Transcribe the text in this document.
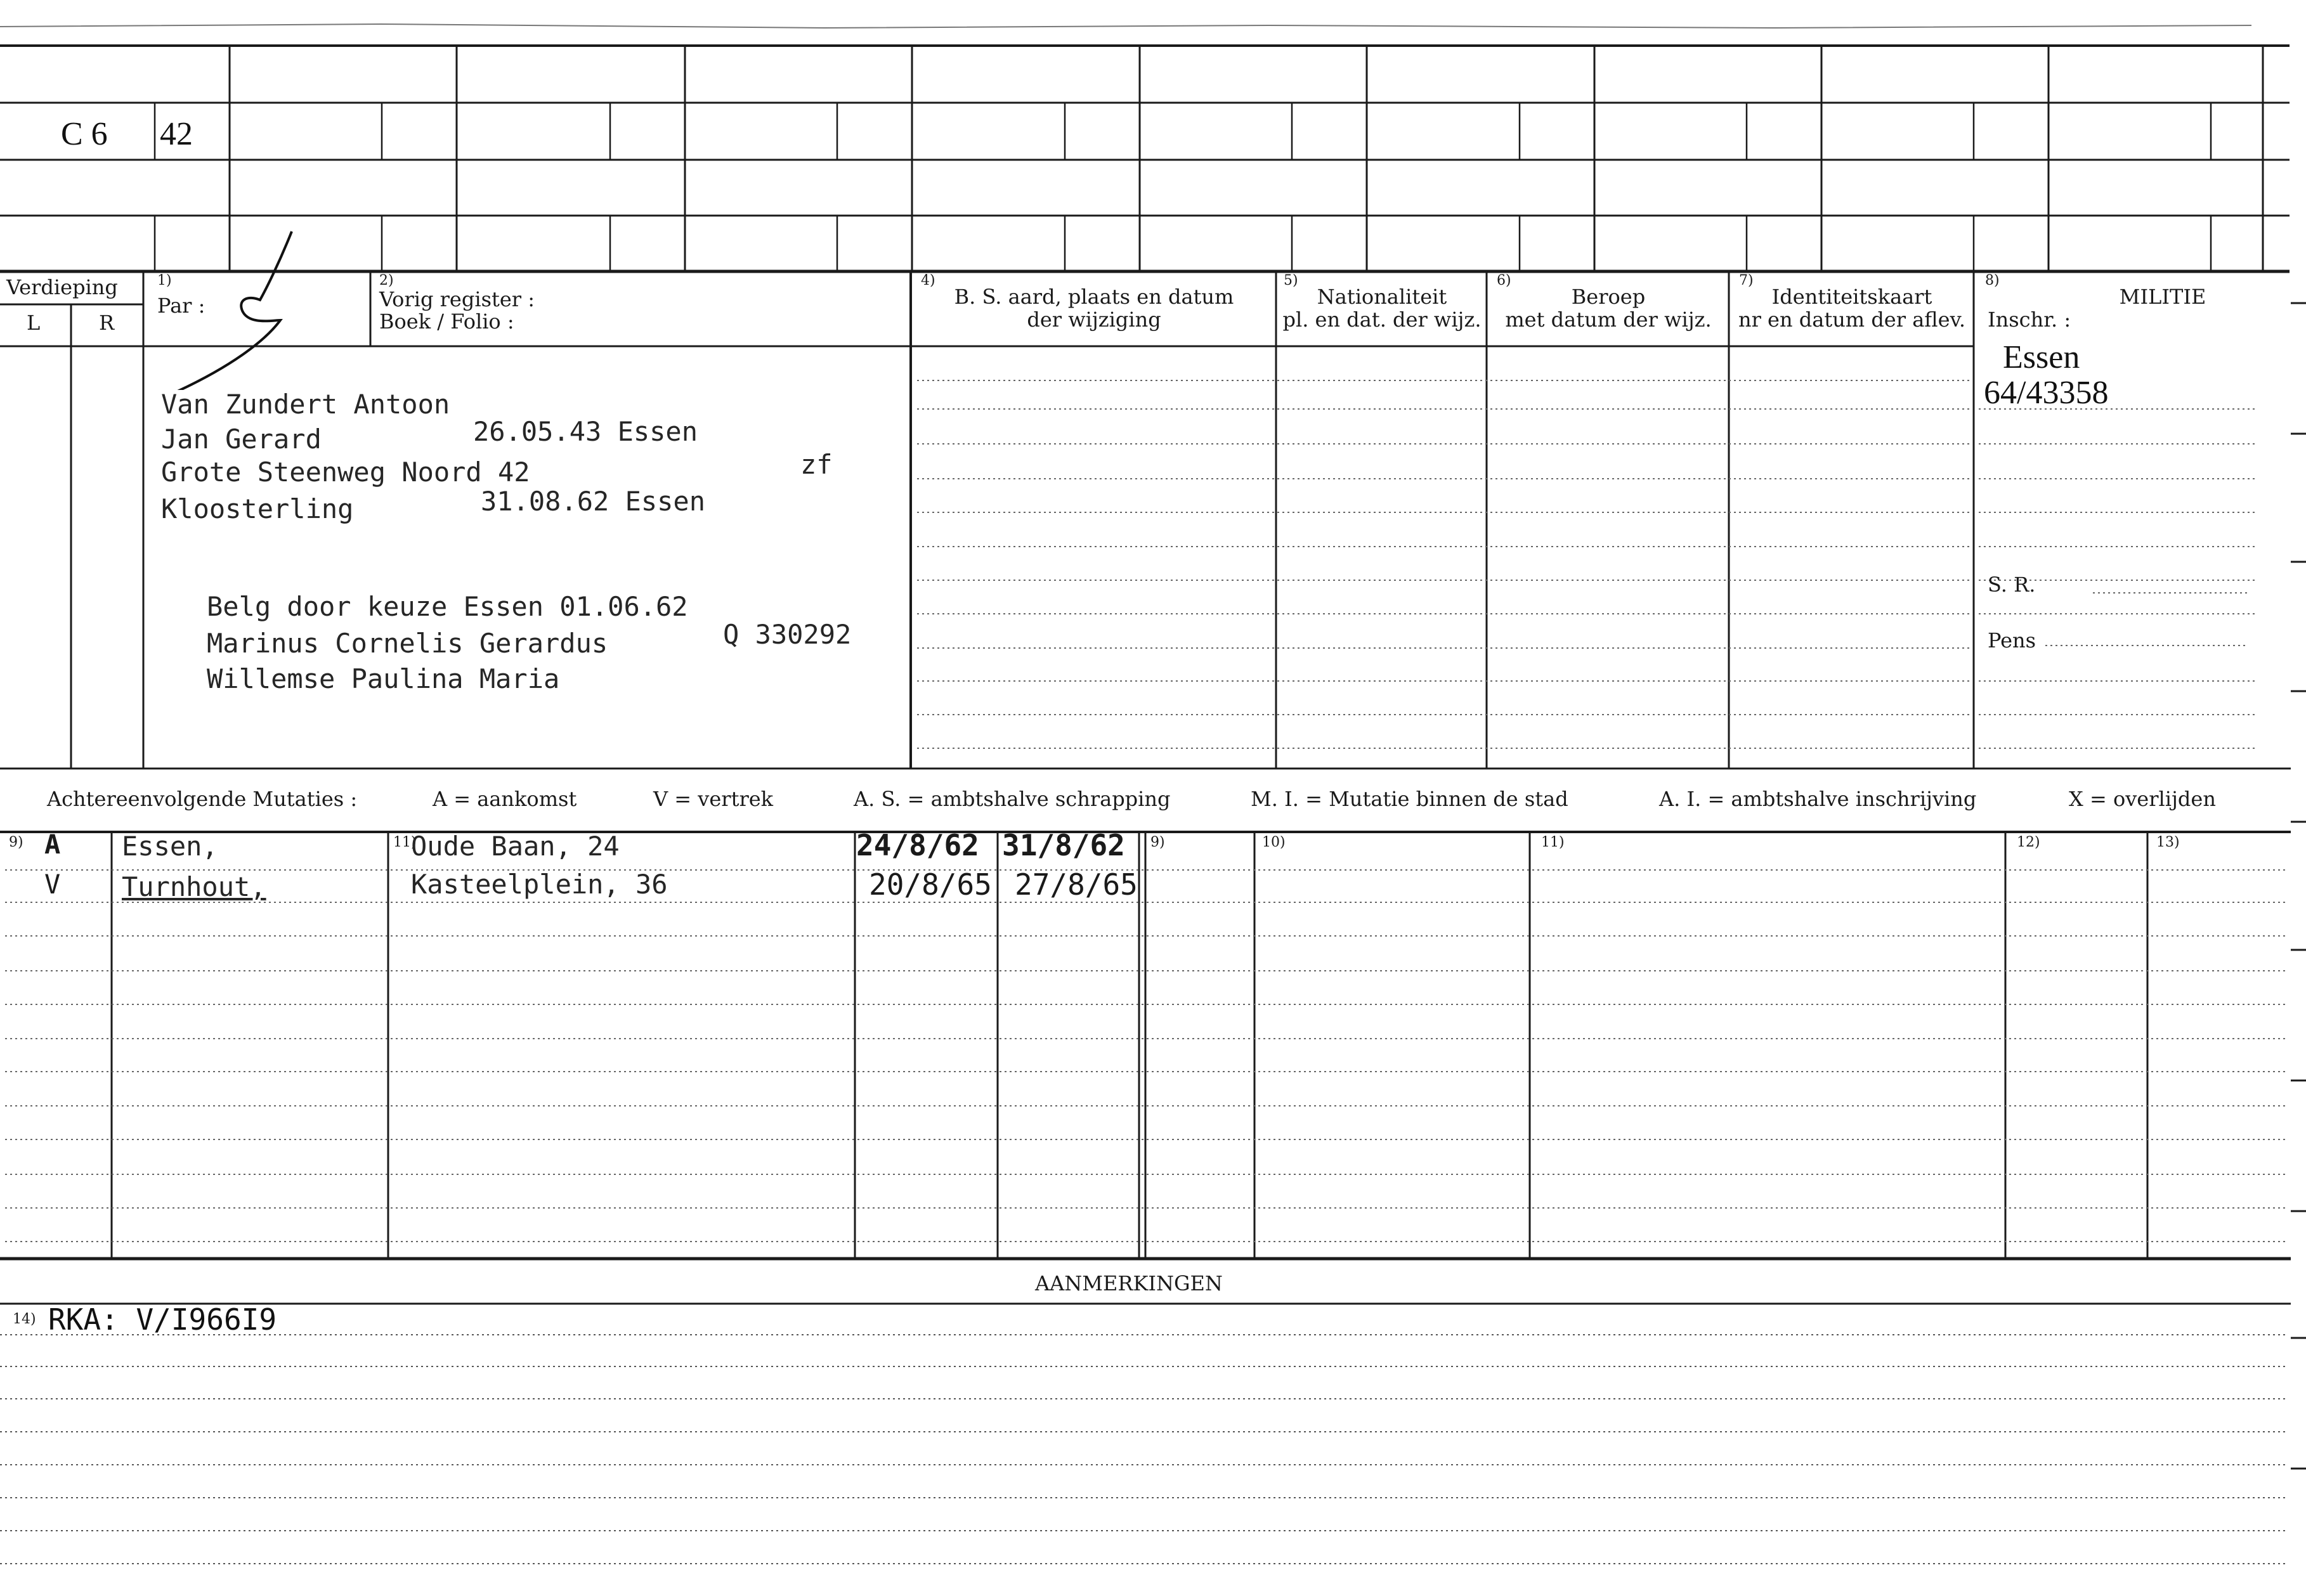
C 6 42
Verdieping
L	R
1)
Par :
2)
Vorig register :
Boek / Folio :
4)
B. S. aard, plaats en datum
der wijziging
5)
Nationaliteit
pl. en dat. der wijz.
6)
Beroep
met datum der wijz.
7)
Identiteitskaart
nr en datum der aflev.
8)
MILITIE
Inschr. :
Van Zundert Antoon
Jan Gerard	26.05.43 Essen
Grote Steenweg Noord 42	zf
Kloosterling	31.08.62 Essen
Belg door keuze Essen 01.06.62
Marinus Cornelis Gerardus	Q 330292
Willemse Paulina Maria
Essen
64/43358
S. R.
Pens
Achtereenvolgende Mutaties :	A = aankomst	V = vertrek	A. S. = ambtshalve schrapping	M. I. = Mutatie binnen de stad	A. I. = ambtshalve inschrijving	X = overlijden
9)	11)	9)	10)	11)	12)	13)
A Essen,	Oude Baan, 24	24/8/62 31/8/62
V Turnhout,	Kasteelplein, 36	20/8/65 27/8/65
AANMERKINGEN
14) RKA: V/I966I9
